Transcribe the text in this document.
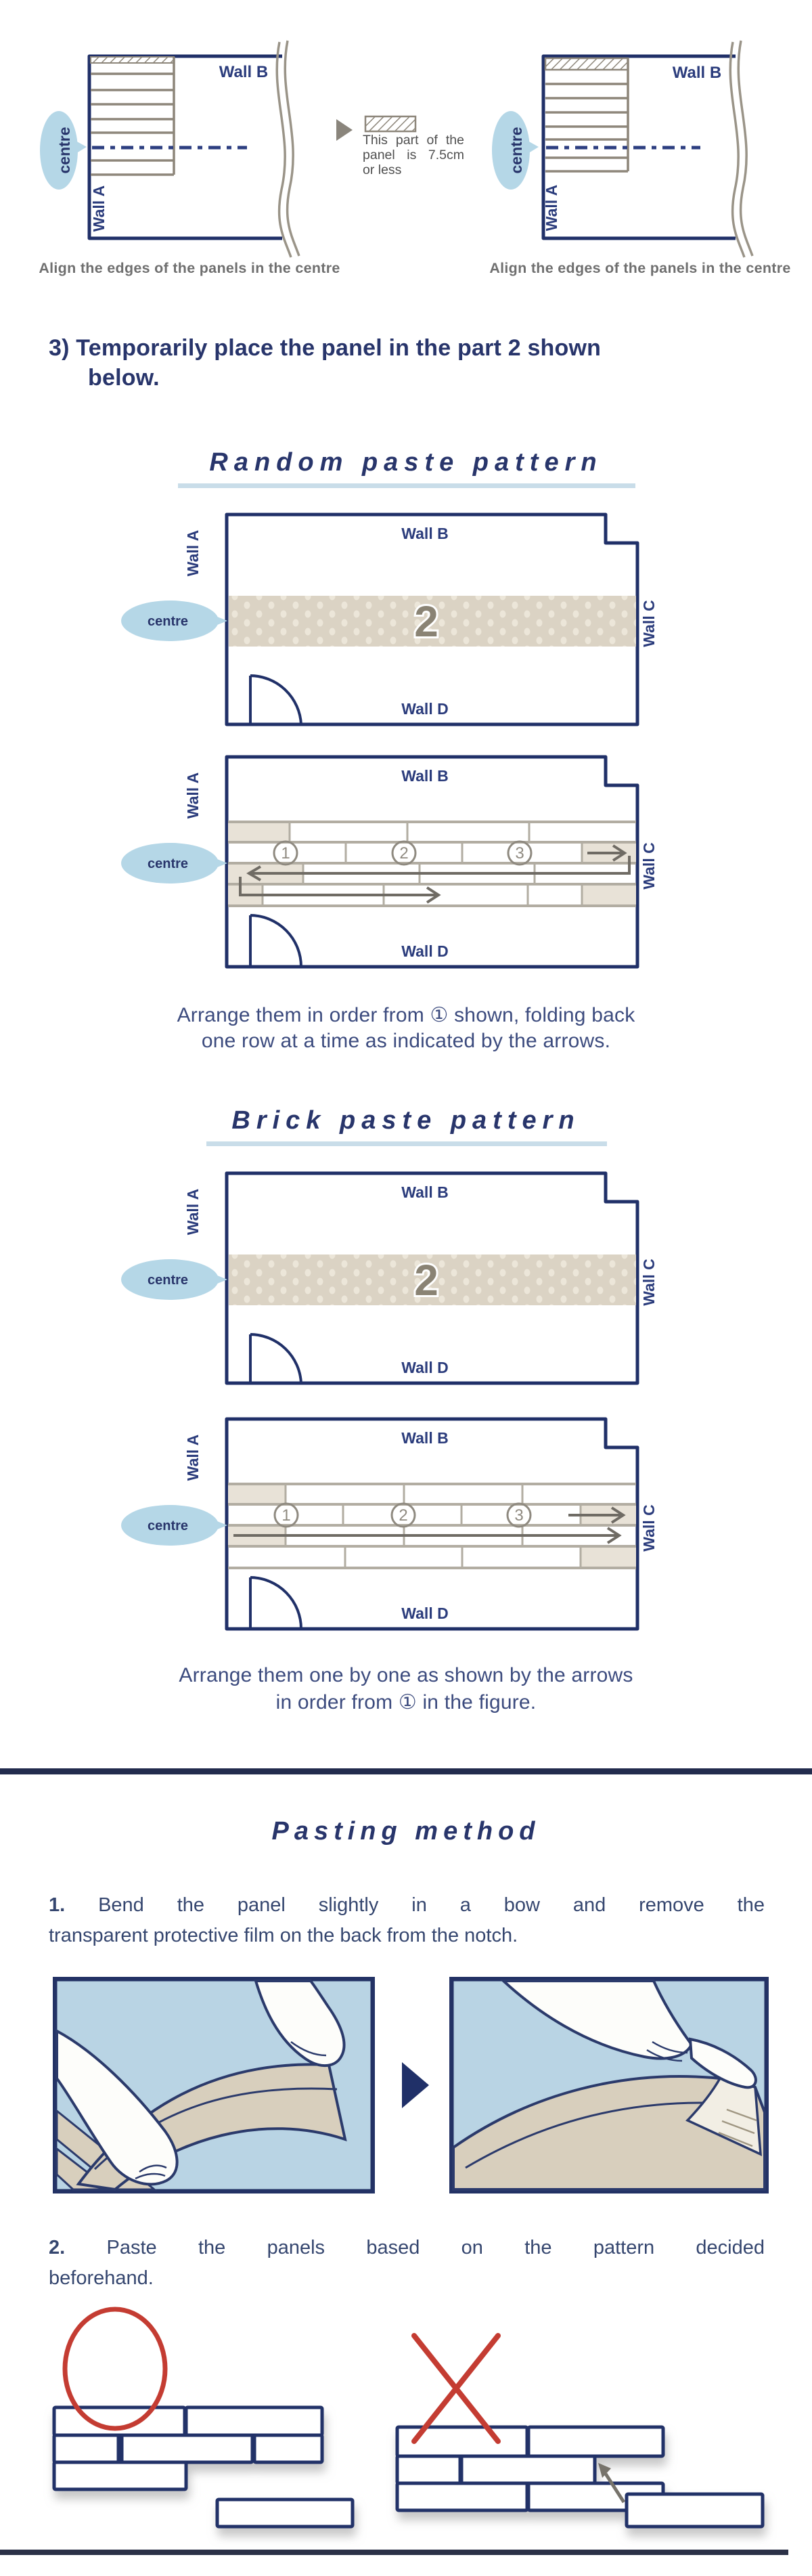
centre
Wall B
Wall A
centre
Wall B
Wall A
This part of the
panel is 7.5cm
or less
Align the edges of the panels in the centre	Align the edges of the panels in the centre
3) Temporarily place the panel in the part 2 shown
below.
Random paste pattern
2
centre
Wall A	Wall B
Wall C
Wall D
1	2	3
centre
Wall A	Wall B
Wall C
Wall D
Arrange them in order from ① shown, folding back
one row at a time as indicated by the arrows.
Brick paste pattern
2
centre
Wall A	Wall B
Wall C
Wall D
1	2	3
centre
Wall A	Wall B
Wall C
Wall D
Arrange them one by one as shown by the arrows
in order from ① in the figure.
Pasting method
1. Bend the panel slightly in a bow and remove the
transparent protective film on the back from the notch.
2. Paste the panels based on the pattern decided
beforehand.
